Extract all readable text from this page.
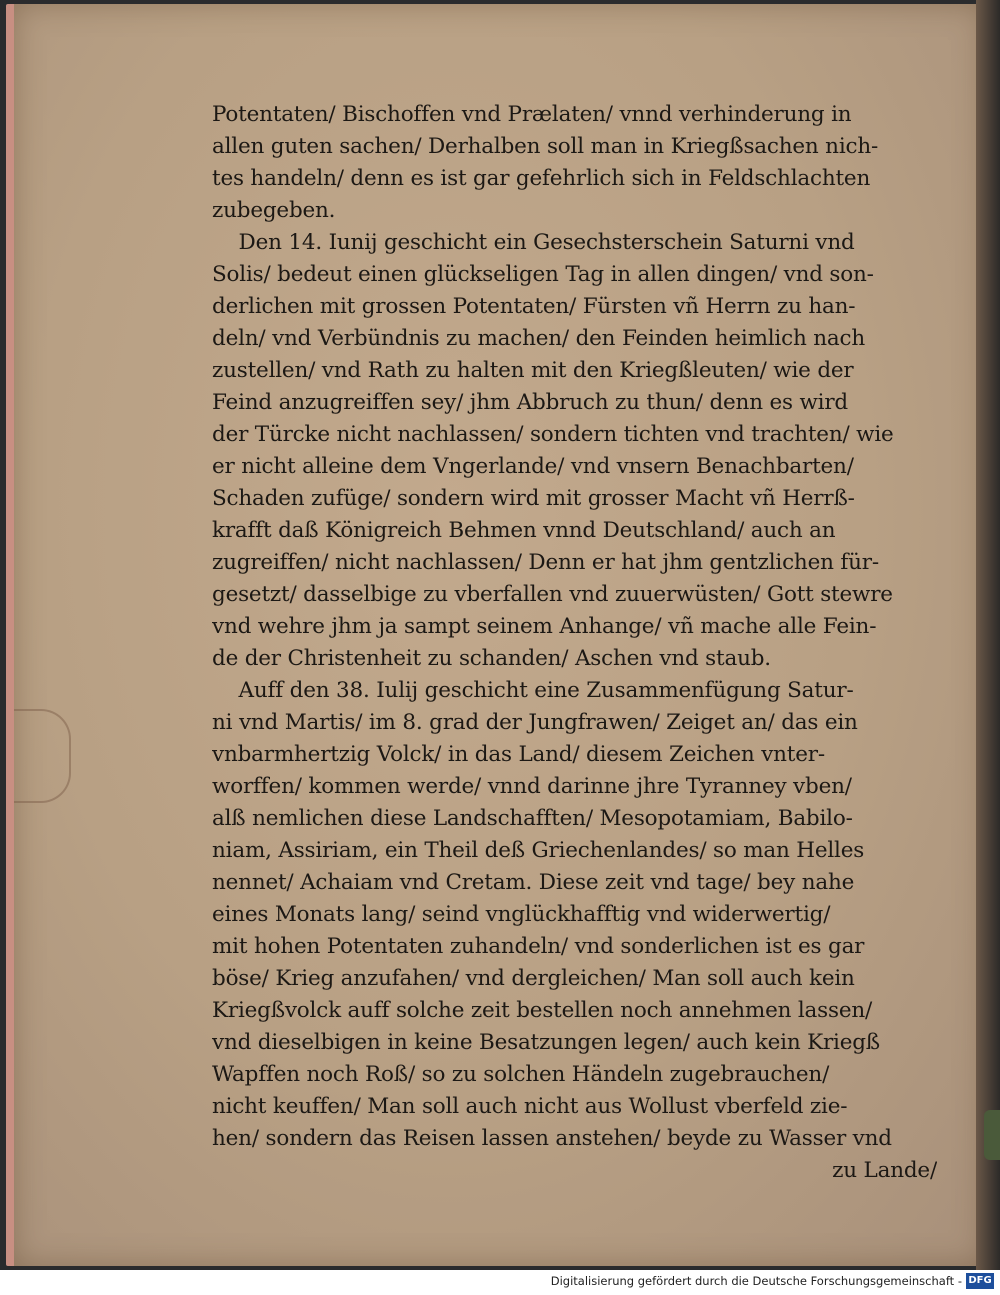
Potentaten/ Bischoffen vnd Prælaten/ vnnd verhinderung in
allen guten sachen/ Derhalben soll man in Kriegßsachen nich-
tes handeln/ denn es ist gar gefehrlich sich in Feldschlachten
zubegeben.
Den 14. Iunij geschicht ein Gesechsterschein Saturni vnd
Solis/ bedeut einen glückseligen Tag in allen dingen/ vnd son-
derlichen mit grossen Potentaten/ Fürsten vñ Herrn zu han-
deln/ vnd Verbündnis zu machen/ den Feinden heimlich nach
zustellen/ vnd Rath zu halten mit den Kriegßleuten/ wie der
Feind anzugreiffen sey/ jhm Abbruch zu thun/ denn es wird
der Türcke nicht nachlassen/ sondern tichten vnd trachten/ wie
er nicht alleine dem Vngerlande/ vnd vnsern Benachbarten/
Schaden zufüge/ sondern wird mit grosser Macht vñ Herrß-
krafft daß Königreich Behmen vnnd Deutschland/ auch an
zugreiffen/ nicht nachlassen/ Denn er hat jhm gentzlichen für-
gesetzt/ dasselbige zu vberfallen vnd zuuerwüsten/ Gott stewre
vnd wehre jhm ja sampt seinem Anhange/ vñ mache alle Fein-
de der Christenheit zu schanden/ Aschen vnd staub.
Auff den 38. Iulij geschicht eine Zusammenfügung Satur-
ni vnd Martis/ im 8. grad der Jungfrawen/ Zeiget an/ das ein
vnbarmhertzig Volck/ in das Land/ diesem Zeichen vnter-
worffen/ kommen werde/ vnnd darinne jhre Tyranney vben/
alß nemlichen diese Landschafften/ Mesopotamiam, Babilo-
niam, Assiriam, ein Theil deß Griechenlandes/ so man Helles
nennet/ Achaiam vnd Cretam. Diese zeit vnd tage/ bey nahe
eines Monats lang/ seind vnglückhafftig vnd widerwertig/
mit hohen Potentaten zuhandeln/ vnd sonderlichen ist es gar
böse/ Krieg anzufahen/ vnd dergleichen/ Man soll auch kein
Kriegßvolck auff solche zeit bestellen noch annehmen lassen/
vnd dieselbigen in keine Besatzungen legen/ auch kein Kriegß
Wapffen noch Roß/ so zu solchen Händeln zugebrauchen/
nicht keuffen/ Man soll auch nicht aus Wollust vberfeld zie-
hen/ sondern das Reisen lassen anstehen/ beyde zu Wasser vnd
zu Lande/
Digitalisierung gefördert durch die Deutsche Forschungsgemeinschaft - DFG
